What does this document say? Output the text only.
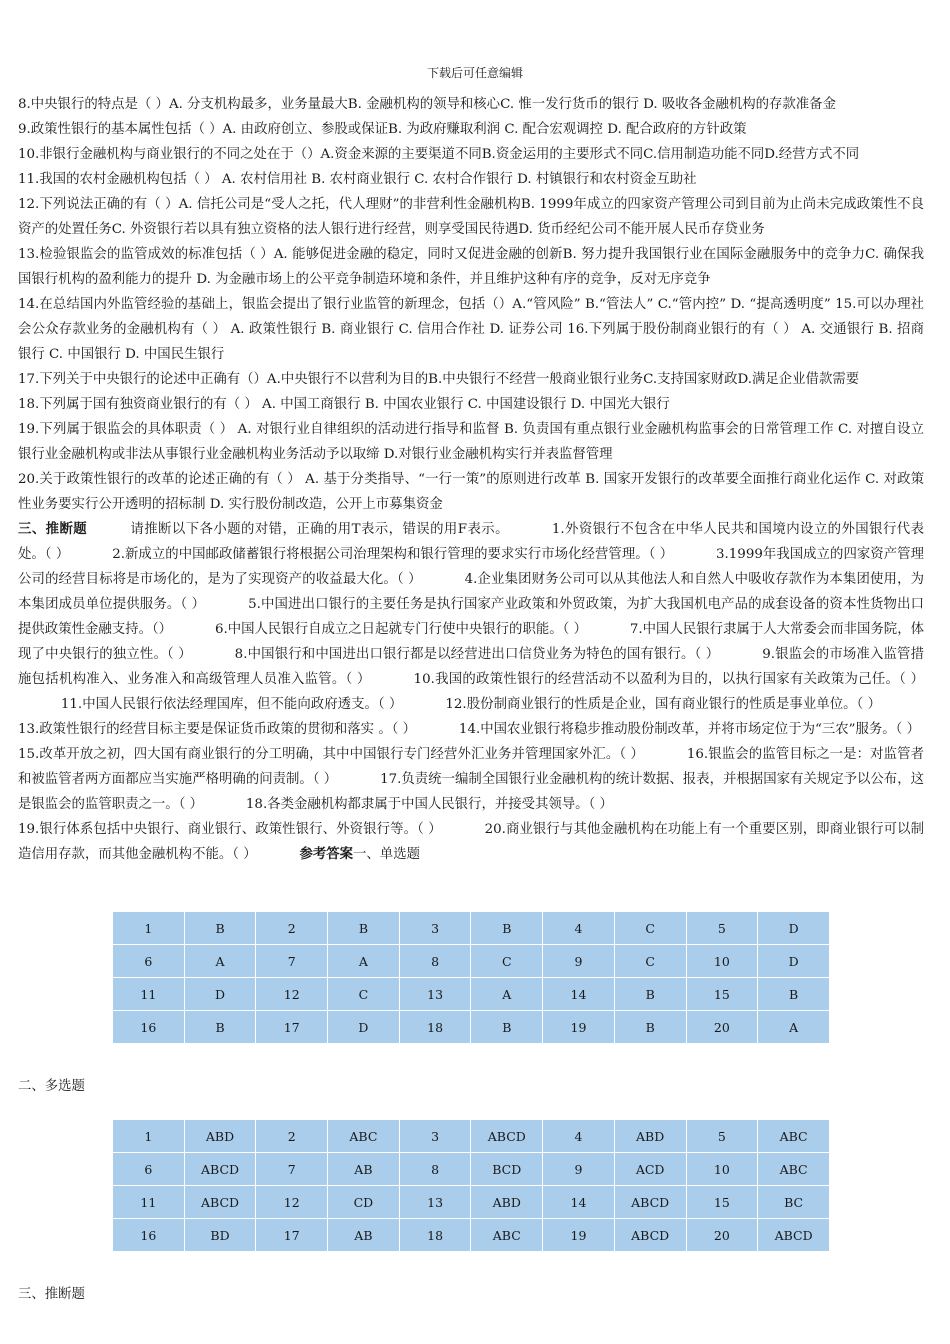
下载后可任意编辑

8.中央银行的特点是（ ）A. 分支机构最多，业务量最大B. 金融机构的领导和核心C. 惟一发行货币的银行 D. 吸收各金融机构的存款准备金

9.政策性银行的基本属性包括（ ）A. 由政府创立、参股或保证B. 为政府赚取利润 C. 配合宏观调控 D. 配合政府的方针政策

10.非银行金融机构与商业银行的不同之处在于（）A.资金来源的主要渠道不同B.资金运用的主要形式不同C.信用制造功能不同D.经营方式不同

11.我国的农村金融机构包括（ ） A. 农村信用社 B. 农村商业银行 C. 农村合作银行 D. 村镇银行和农村资金互助社

12.下列说法正确的有（ ）A. 信托公司是“受人之托，代人理财”的非营利性金融机构B. 1999年成立的四家资产管理公司到目前为止尚未完成政策性不良资产的处置任务C. 外资银行若以具有独立资格的法人银行进行经营，则享受国民待遇D. 货币经纪公司不能开展人民币存贷业务

13.检验银监会的监管成效的标准包括（ ）A. 能够促进金融的稳定，同时又促进金融的创新B. 努力提升我国银行业在国际金融服务中的竞争力C. 确保我国银行机构的盈利能力的提升 D. 为金融市场上的公平竞争制造环境和条件，并且维护这种有序的竞争，反对无序竞争

14.在总结国内外监管经验的基础上，银监会提出了银行业监管的新理念，包括（）A.“管风险” B.“管法人” C.“管内控” D. “提高透明度” 15.可以办理社会公众存款业务的金融机构有（ ） A. 政策性银行 B. 商业银行 C. 信用合作社 D. 证券公司 16.下列属于股份制商业银行的有（ ） A. 交通银行 B. 招商银行 C. 中国银行 D. 中国民生银行

17.下列关于中央银行的论述中正确有（）A.中央银行不以营利为目的B.中央银行不经营一般商业银行业务C.支持国家财政D.满足企业借款需要

18.下列属于国有独资商业银行的有（ ） A. 中国工商银行 B. 中国农业银行 C. 中国建设银行 D. 中国光大银行

19.下列属于银监会的具体职责（ ） A. 对银行业自律组织的活动进行指导和监督 B. 负责国有重点银行业金融机构监事会的日常管理工作 C. 对擅自设立银行业金融机构或非法从事银行业金融机构业务活动予以取缔 D.对银行业金融机构实行并表监督管理

20.关于政策性银行的改革的论述正确的有（ ） A. 基于分类指导、“一行一策”的原则进行改革 B. 国家开发银行的改革要全面推行商业化运作 C. 对政策性业务要实行公开透明的招标制 D. 实行股份制改造，公开上市募集资金

三、推断题	请推断以下各小题的对错，正确的用T表示，错误的用F表示。	1.外资银行不包含在中华人民共和国境内设立的外国银行代表处。（ ）	2.新成立的中国邮政储蓄银行将根据公司治理架构和银行管理的要求实行市场化经营管理。（ ）	3.1999年我国成立的四家资产管理公司的经营目标将是市场化的，是为了实现资产的收益最大化。（ ）	4.企业集团财务公司可以从其他法人和自然人中吸收存款作为本集团使用，为本集团成员单位提供服务。（ ）	5.中国进出口银行的主要任务是执行国家产业政策和外贸政策，为扩大我国机电产品的成套设备的资本性货物出口提供政策性金融支持。（）	6.中国人民银行自成立之日起就专门行使中央银行的职能。（ ）	7.中国人民银行隶属于人大常委会而非国务院，体现了中央银行的独立性。（ ）	8.中国银行和中国进出口银行都是以经营进出口信贷业务为特色的国有银行。（ ）	9.银监会的市场准入监管措施包括机构准入、业务准入和高级管理人员准入监管。（ ）	10.我国的政策性银行的经营活动不以盈利为目的，以执行国家有关政策为己任。（ ）11.中国人民银行依法经理国库，但不能向政府透支。（ ）	12.股份制商业银行的性质是企业，国有商业银行的性质是事业单位。（ ）13.政策性银行的经营目标主要是保证货币政策的贯彻和落实 。（ ）	14.中国农业银行将稳步推动股份制改革，并将市场定位于为“三农”服务。（ ）

15.改革开放之初，四大国有商业银行的分工明确，其中中国银行专门经营外汇业务并管理国家外汇。（ ）	16.银监会的监管目标之一是：对监管者和被监管者两方面都应当实施严格明确的问责制。（ ）	17.负责统一编制全国银行业金融机构的统计数据、报表，并根据国家有关规定予以公布，这是银监会的监管职责之一。（ ）	18.各类金融机构都隶属于中国人民银行，并接受其领导。（ ）

19.银行体系包括中央银行、商业银行、政策性银行、外资银行等。（ ）	20.商业银行与其他金融机构在功能上有一个重要区别，即商业银行可以制造信用存款，而其他金融机构不能。（ ）	参考答案一、单选题

1	B	2	B	3	B	4	C	5	D
6	A	7	A	8	C	9	C	10	D
11	D	12	C	13	A	14	B	15	B
16	B	17	D	18	B	19	B	20	A
二、多选题
1	ABD	2	ABC	3	ABCD	4	ABD	5	ABC
6	ABCD	7	AB	8	BCD	9	ACD	10	ABC
11	ABCD	12	CD	13	ABD	14	ABCD	15	BC
16	BD	17	AB	18	ABC	19	ABCD	20	ABCD
三、推断题
